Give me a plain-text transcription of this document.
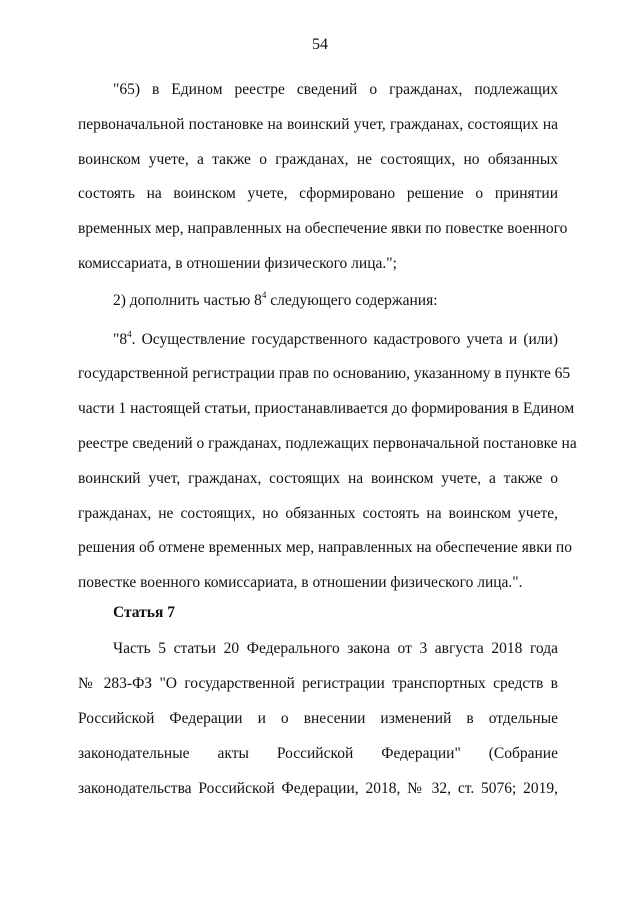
54
"65) в Едином реестре сведений о гражданах, подлежащих
первоначальной постановке на воинский учет, гражданах, состоящих на
воинском учете, а также о гражданах, не состоящих, но обязанных
состоять на воинском учете, сформировано решение о принятии
временных мер, направленных на обеспечение явки по повестке военного
комиссариата, в отношении физического лица.";
2) дополнить частью $8^4$ следующего содержания:
"$8^4$. Осуществление государственного кадастрового учета и (или)
государственной регистрации прав по основанию, указанному в пункте 65
части 1 настоящей статьи, приостанавливается до формирования в Едином
реестре сведений о гражданах, подлежащих первоначальной постановке на
воинский учет, гражданах, состоящих на воинском учете, а также о
гражданах, не состоящих, но обязанных состоять на воинском учете,
решения об отмене временных мер, направленных на обеспечение явки по
повестке военного комиссариата, в отношении физического лица.".
Статья 7
Часть 5 статьи 20 Федерального закона от 3 августа 2018 года
№ 283-ФЗ "О государственной регистрации транспортных средств в
Российской Федерации и о внесении изменений в отдельные
законодательные акты Российской Федерации" (Собрание
законодательства Российской Федерации, 2018, № 32, ст. 5076; 2019,
